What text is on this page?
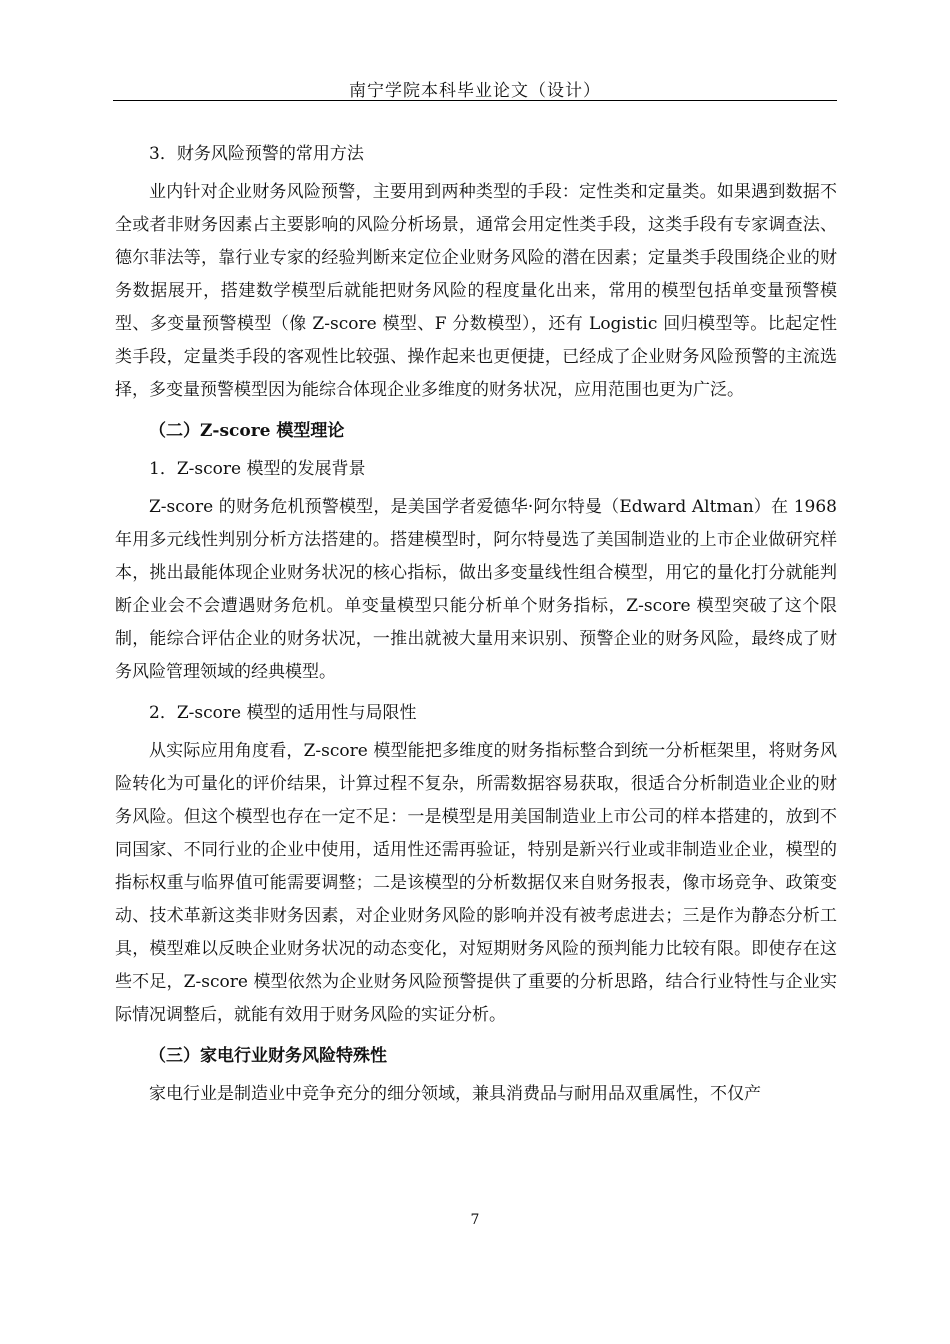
南宁学院本科毕业论文（设计）
3．财务风险预警的常用方法
业内针对企业财务风险预警，主要用到两种类型的手段：定性类和定量类。如果遇到数据不全或者非财务因素占主要影响的风险分析场景，通常会用定性类手段，这类手段有专家调查法、德尔菲法等，靠行业专家的经验判断来定位企业财务风险的潜在因素；定量类手段围绕企业的财务数据展开，搭建数学模型后就能把财务风险的程度量化出来，常用的模型包括单变量预警模型、多变量预警模型（像 Z-score 模型、F 分数模型），还有 Logistic 回归模型等。比起定性类手段，定量类手段的客观性比较强、操作起来也更便捷，已经成了企业财务风险预警的主流选择，多变量预警模型因为能综合体现企业多维度的财务状况，应用范围也更为广泛。
（二）Z-score 模型理论
1．Z-score 模型的发展背景
Z-score 的财务危机预警模型，是美国学者爱德华·阿尔特曼（Edward Altman）在 1968 年用多元线性判别分析方法搭建的。搭建模型时，阿尔特曼选了美国制造业的上市企业做研究样本，挑出最能体现企业财务状况的核心指标，做出多变量线性组合模型，用它的量化打分就能判断企业会不会遭遇财务危机。单变量模型只能分析单个财务指标，Z-score 模型突破了这个限制，能综合评估企业的财务状况，一推出就被大量用来识别、预警企业的财务风险，最终成了财务风险管理领域的经典模型。
2．Z-score 模型的适用性与局限性
从实际应用角度看，Z-score 模型能把多维度的财务指标整合到统一分析框架里，将财务风险转化为可量化的评价结果，计算过程不复杂，所需数据容易获取，很适合分析制造业企业的财务风险。但这个模型也存在一定不足：一是模型是用美国制造业上市公司的样本搭建的，放到不同国家、不同行业的企业中使用，适用性还需再验证，特别是新兴行业或非制造业企业，模型的指标权重与临界值可能需要调整；二是该模型的分析数据仅来自财务报表，像市场竞争、政策变动、技术革新这类非财务因素，对企业财务风险的影响并没有被考虑进去；三是作为静态分析工具，模型难以反映企业财务状况的动态变化，对短期财务风险的预判能力比较有限。即使存在这些不足，Z-score 模型依然为企业财务风险预警提供了重要的分析思路，结合行业特性与企业实际情况调整后，就能有效用于财务风险的实证分析。
（三）家电行业财务风险特殊性
家电行业是制造业中竞争充分的细分领域，兼具消费品与耐用品双重属性，不仅产
7
